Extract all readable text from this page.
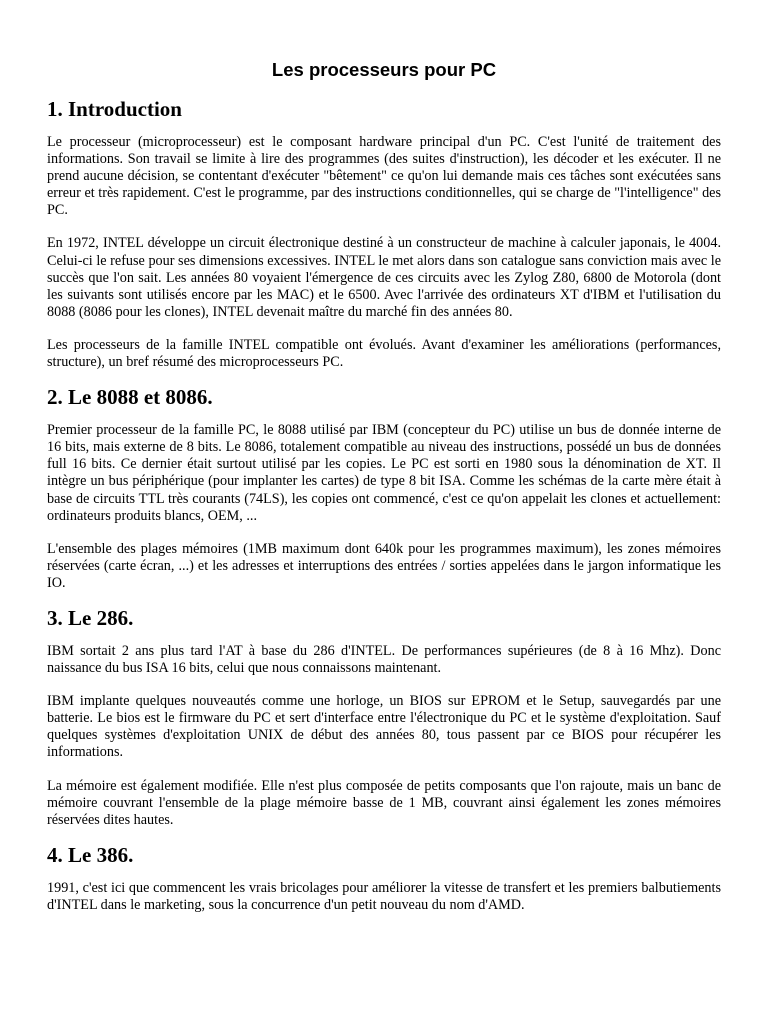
Les processeurs pour PC
1. Introduction

Le processeur (microprocesseur) est le composant hardware principal d'un PC. C'est l'unité de traitement des informations. Son travail se limite à lire des programmes (des suites d'instruction), les décoder et les exécuter. Il ne prend aucune décision, se contentant d'exécuter "bêtement" ce qu'on lui demande mais ces tâches sont exécutées sans erreur et très rapidement. C'est le programme, par des instructions conditionnelles, qui se charge de "l'intelligence" des PC.

En 1972, INTEL développe un circuit électronique destiné à un constructeur de machine à calculer japonais, le 4004. Celui-ci le refuse pour ses dimensions excessives. INTEL le met alors dans son catalogue sans conviction mais avec le succès que l'on sait. Les années 80 voyaient l'émergence de ces circuits avec les Zylog Z80, 6800 de Motorola (dont les suivants sont utilisés encore par les MAC) et le 6500. Avec l'arrivée des ordinateurs XT d'IBM et l'utilisation du 8088 (8086 pour les clones), INTEL devenait maître du marché fin des années 80.

Les processeurs de la famille INTEL compatible ont évolués. Avant d'examiner les améliorations (performances, structure), un bref résumé des microprocesseurs PC.

2. Le 8088 et 8086.

Premier processeur de la famille PC, le 8088 utilisé par IBM (concepteur du PC) utilise un bus de donnée interne de 16 bits, mais externe de 8 bits. Le 8086, totalement compatible au niveau des instructions, possédé un bus de données full 16 bits. Ce dernier était surtout utilisé par les copies. Le PC est sorti en 1980 sous la dénomination de XT. Il intègre un bus périphérique (pour implanter les cartes) de type 8 bit ISA. Comme les schémas de la carte mère était à base de circuits TTL très courants (74LS), les copies ont commencé, c'est ce qu'on appelait les clones et actuellement: ordinateurs produits blancs, OEM, ...

L'ensemble des plages mémoires (1MB maximum dont 640k pour les programmes maximum), les zones mémoires réservées (carte écran, ...) et les adresses et interruptions des entrées / sorties appelées dans le jargon informatique les IO.

3. Le 286.

IBM sortait 2 ans plus tard l'AT à base du 286 d'INTEL. De performances supérieures (de 8 à 16 Mhz). Donc naissance du bus ISA 16 bits, celui que nous connaissons maintenant.

IBM implante quelques nouveautés comme une horloge, un BIOS sur EPROM et le Setup, sauvegardés par une batterie. Le bios est le firmware du PC et sert d'interface entre l'électronique du PC et le système d'exploitation. Sauf quelques systèmes d'exploitation UNIX de début des années 80, tous passent par ce BIOS pour récupérer les informations.

La mémoire est également modifiée. Elle n'est plus composée de petits composants que l'on rajoute, mais un banc de mémoire couvrant l'ensemble de la plage mémoire basse de 1 MB, couvrant ainsi également les zones mémoires réservées dites hautes.

4. Le 386.

1991, c'est ici que commencent les vrais bricolages pour améliorer la vitesse de transfert et les premiers balbutiements d'INTEL dans le marketing, sous la concurrence d'un petit nouveau du nom d'AMD.
